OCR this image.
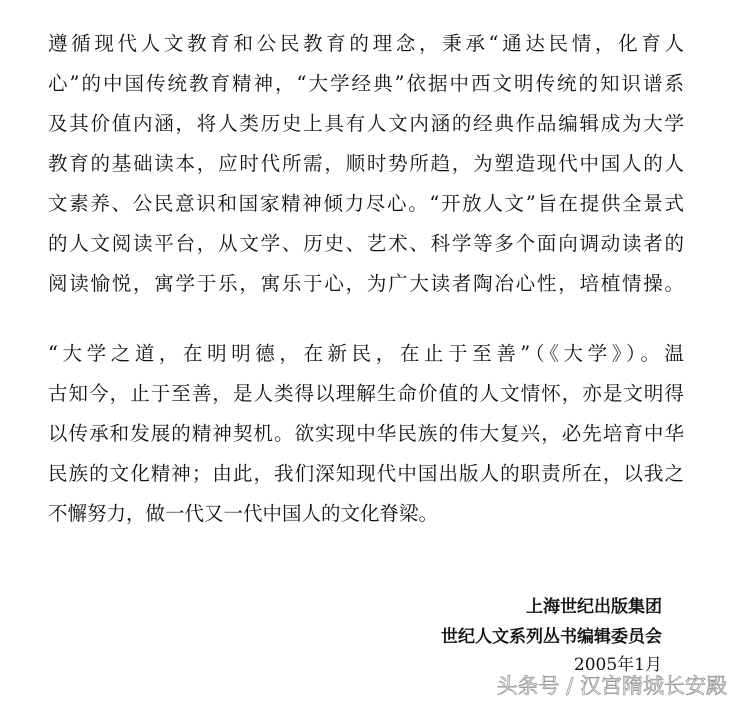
遵循现代人文教育和公民教育的理念，秉承“通达民情，化育人
心”的中国传统教育精神，“大学经典”依据中西文明传统的知识谱系
及其价值内涵，将人类历史上具有人文内涵的经典作品编辑成为大学
教育的基础读本，应时代所需，顺时势所趋，为塑造现代中国人的人
文素养、公民意识和国家精神倾力尽心。“开放人文”旨在提供全景式
的人文阅读平台，从文学、历史、艺术、科学等多个面向调动读者的
阅读愉悦，寓学于乐，寓乐于心，为广大读者陶冶心性，培植情操。
“大学之道，在明明德，在新民，在止于至善”（《大学》）。温
古知今，止于至善，是人类得以理解生命价值的人文情怀，亦是文明得
以传承和发展的精神契机。欲实现中华民族的伟大复兴，必先培育中华
民族的文化精神；由此，我们深知现代中国出版人的职责所在，以我之
不懈努力，做一代又一代中国人的文化脊梁。
上海世纪出版集团
世纪人文系列丛书编辑委员会
2005年1月
头条号 / 汉宫隋城长安殿
